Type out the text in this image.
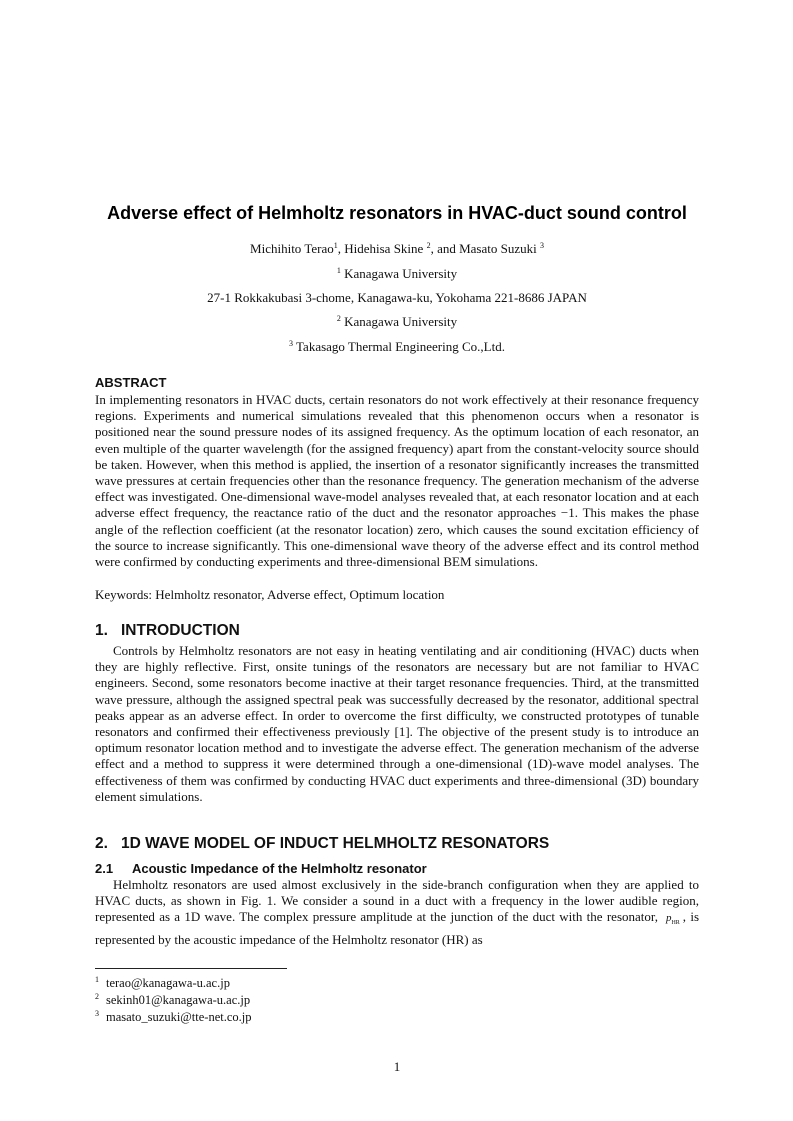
Adverse effect of Helmholtz resonators in HVAC-duct sound control
Michihito Terao$^1$, Hidehisa Skine $^2$, and Masato Suzuki $^3$
$^1$ Kanagawa University
27-1 Rokkakubasi 3-chome, Kanagawa-ku, Yokohama 221-8686 JAPAN
$^2$ Kanagawa University
$^3$ Takasago Thermal Engineering Co.,Ltd.
ABSTRACT

In implementing resonators in HVAC ducts, certain resonators do not work effectively at their resonance frequency regions. Experiments and numerical simulations revealed that this phenomenon occurs when a resonator is positioned near the sound pressure nodes of its assigned frequency. As the optimum location of each resonator, an even multiple of the quarter wavelength (for the assigned frequency) apart from the constant-velocity source should be taken. However, when this method is applied, the insertion of a resonator significantly increases the transmitted wave pressures at certain frequencies other than the resonance frequency. The generation mechanism of the adverse effect was investigated. One-dimensional wave-model analyses revealed that, at each resonator location and at each adverse effect frequency, the reactance ratio of the duct and the resonator approaches −1. This makes the phase angle of the reflection coefficient (at the resonator location) zero, which causes the sound excitation efficiency of the source to increase significantly. This one-dimensional wave theory of the adverse effect and its control method were confirmed by conducting experiments and three-dimensional BEM simulations.

Keywords: Helmholtz resonator, Adverse effect, Optimum location

1. INTRODUCTION

Controls by Helmholtz resonators are not easy in heating ventilating and air conditioning (HVAC) ducts when they are highly reflective. First, onsite tunings of the resonators are necessary but are not familiar to HVAC engineers. Second, some resonators become inactive at their target resonance frequencies. Third, at the transmitted wave pressure, although the assigned spectral peak was successfully decreased by the resonator, additional spectral peaks appear as an adverse effect. In order to overcome the first difficulty, we constructed prototypes of tunable resonators and confirmed their effectiveness previously [1]. The objective of the present study is to introduce an optimum resonator location method and to investigate the adverse effect. The generation mechanism of the adverse effect and a method to suppress it were determined through a one-dimensional (1D)-wave model analyses. The effectiveness of them was confirmed by conducting HVAC duct experiments and three-dimensional (3D) boundary element simulations.

2. 1D WAVE MODEL OF INDUCT HELMHOLTZ RESONATORS
2.1 Acoustic Impedance of the Helmholtz resonator

Helmholtz resonators are used almost exclusively in the side-branch configuration when they are applied to HVAC ducts, as shown in Fig. 1. We consider a sound in a duct with a frequency in the lower audible region, represented as a 1D wave. The complex pressure amplitude at the junction of the duct with the resonator, $p_{HR}$ , is represented by the acoustic impedance of the Helmholtz resonator (HR) as

$^1$ terao@kanagawa-u.ac.jp
$^2$ sekinh01@kanagawa-u.ac.jp
$^3$ masato_suzuki@tte-net.co.jp
1
